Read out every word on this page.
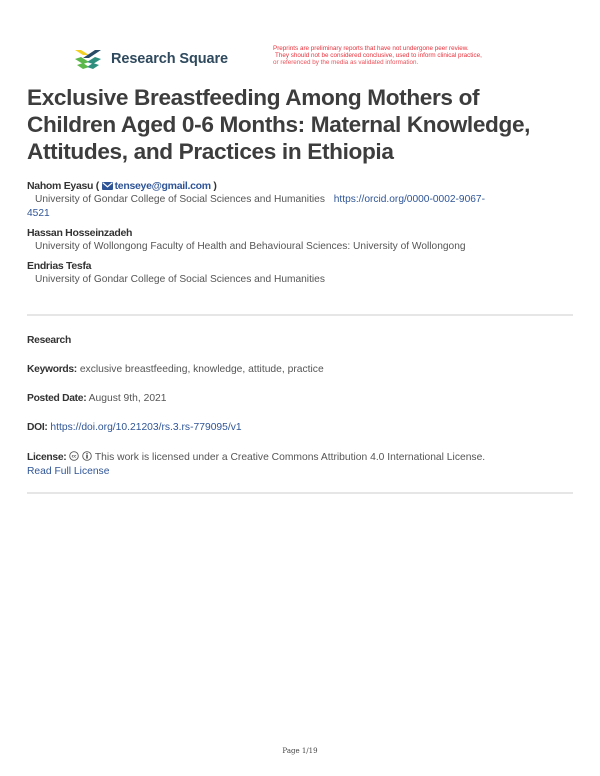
Research Square
Preprints are preliminary reports that have not undergone peer review.
They should not be considered conclusive, used to inform clinical practice,
or referenced by the media as validated information.
Exclusive Breastfeeding Among Mothers of
Children Aged 0-6 Months: Maternal Knowledge,
Attitudes, and Practices in Ethiopia
Nahom Eyasu ( tenseye@gmail.com )
University of Gondar College of Social Sciences and Humanities https://orcid.org/0000-0002-9067-
4521
Hassan Hosseinzadeh
University of Wollongong Faculty of Health and Behavioural Sciences: University of Wollongong
Endrias Tesfa
University of Gondar College of Social Sciences and Humanities
Research
Keywords: exclusive breastfeeding, knowledge, attitude, practice
Posted Date: August 9th, 2021
DOI: https://doi.org/10.21203/rs.3.rs-779095/v1
License: cc This work is licensed under a Creative Commons Attribution 4.0 International License.
Read Full License
Page 1/19
